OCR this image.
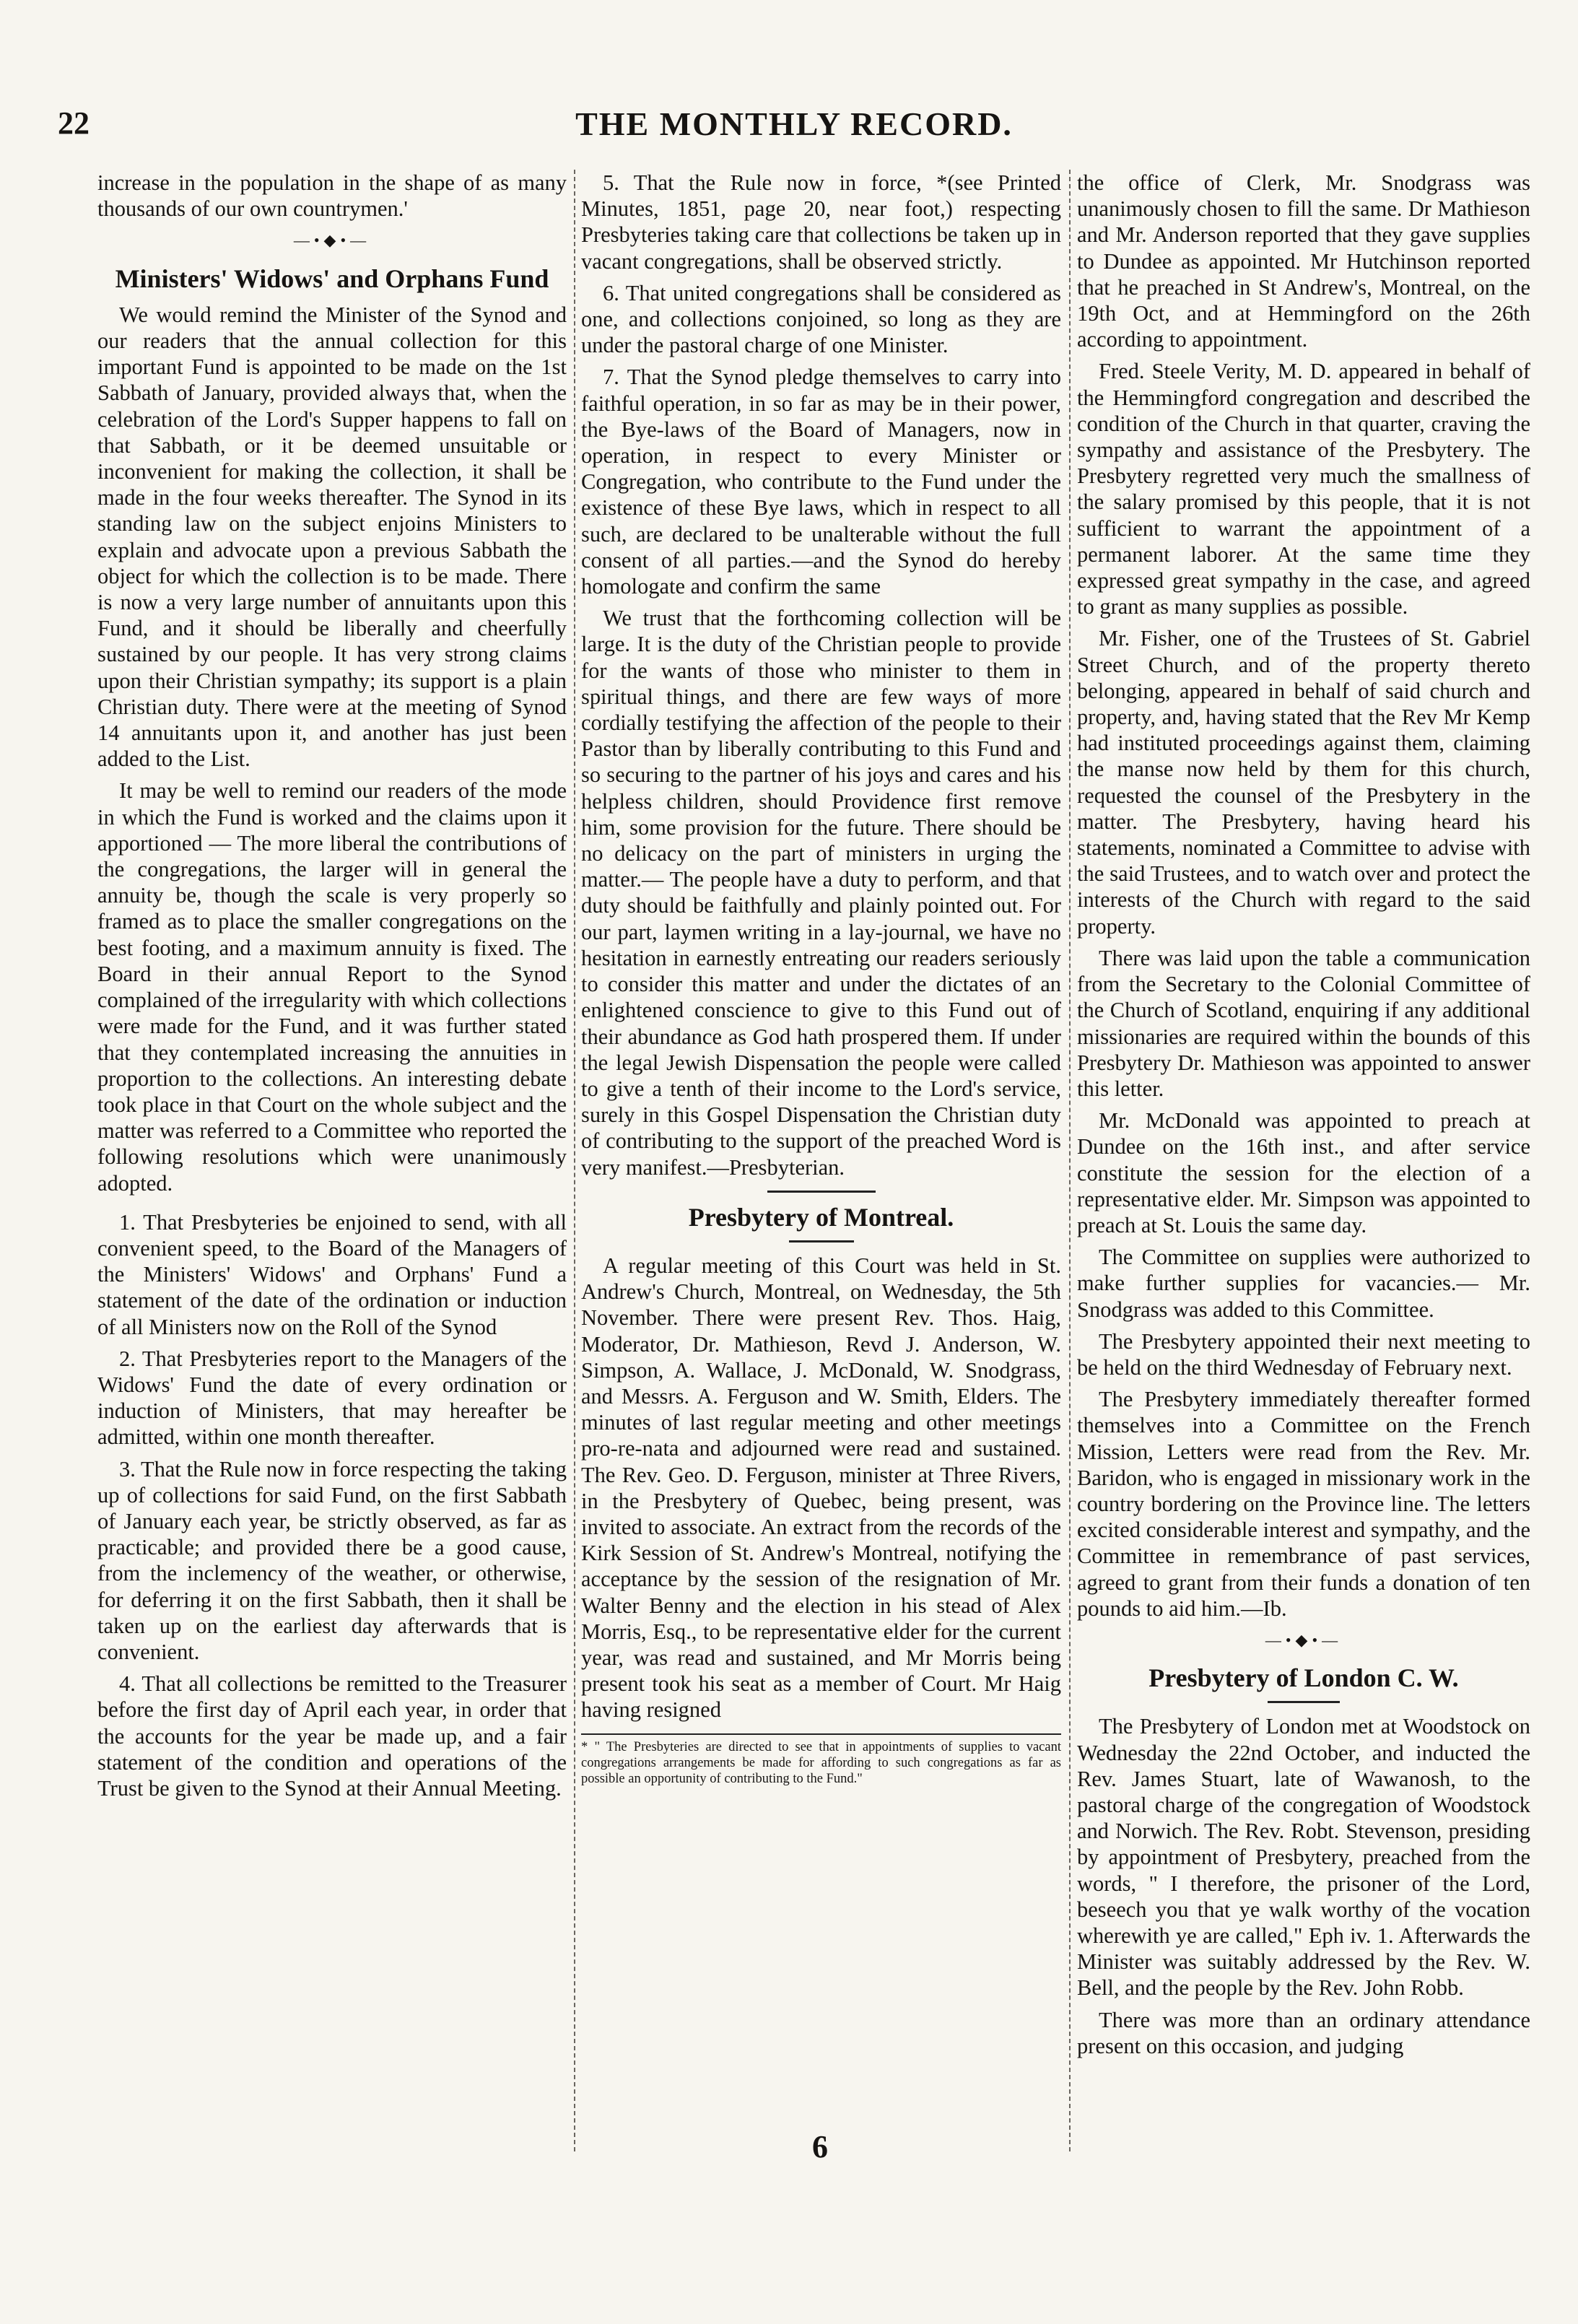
22	THE MONTHLY RECORD.

increase in the population in the shape of as many thousands of our own countrymen.'

—•◆•—
Ministers' Widows' and Orphans Fund

We would remind the Minister of the Synod and our readers that the annual collection for this important Fund is appointed to be made on the 1st Sabbath of January, provided always that, when the celebration of the Lord's Supper happens to fall on that Sabbath, or it be deemed unsuitable or inconvenient for making the collection, it shall be made in the four weeks thereafter. The Synod in its standing law on the subject enjoins Ministers to explain and advocate upon a previous Sabbath the object for which the collection is to be made. There is now a very large number of annuitants upon this Fund, and it should be liberally and cheerfully sustained by our people. It has very strong claims upon their Christian sympathy; its support is a plain Christian duty. There were at the meeting of Synod 14 annuitants upon it, and another has just been added to the List.

It may be well to remind our readers of the mode in which the Fund is worked and the claims upon it apportioned — The more liberal the contributions of the congregations, the larger will in general the annuity be, though the scale is very properly so framed as to place the smaller congregations on the best footing, and a maximum annuity is fixed. The Board in their annual Report to the Synod complained of the irregularity with which collections were made for the Fund, and it was further stated that they contemplated increasing the annuities in proportion to the collections. An interesting debate took place in that Court on the whole subject and the matter was referred to a Committee who reported the following resolutions which were unanimously adopted.

1. That Presbyteries be enjoined to send, with all convenient speed, to the Board of the Managers of the Ministers' Widows' and Orphans' Fund a statement of the date of the ordination or induction of all Ministers now on the Roll of the Synod

2. That Presbyteries report to the Managers of the Widows' Fund the date of every ordination or induction of Ministers, that may hereafter be admitted, within one month thereafter.

3. That the Rule now in force respecting the taking up of collections for said Fund, on the first Sabbath of January each year, be strictly observed, as far as practicable; and provided there be a good cause, from the inclemency of the weather, or otherwise, for deferring it on the first Sabbath, then it shall be taken up on the earliest day afterwards that is convenient.

4. That all collections be remitted to the Treasurer before the first day of April each year, in order that the accounts for the year be made up, and a fair statement of the condition and operations of the Trust be given to the Synod at their Annual Meeting.

5. That the Rule now in force, *(see Printed Minutes, 1851, page 20, near foot,) respecting Presbyteries taking care that collections be taken up in vacant congregations, shall be observed strictly.

6. That united congregations shall be considered as one, and collections conjoined, so long as they are under the pastoral charge of one Minister.

7. That the Synod pledge themselves to carry into faithful operation, in so far as may be in their power, the Bye-laws of the Board of Managers, now in operation, in respect to every Minister or Congregation, who contribute to the Fund under the existence of these Bye laws, which in respect to all such, are declared to be unalterable without the full consent of all parties.—and the Synod do hereby homologate and confirm the same

We trust that the forthcoming collection will be large. It is the duty of the Christian people to provide for the wants of those who minister to them in spiritual things, and there are few ways of more cordially testifying the affection of the people to their Pastor than by liberally contributing to this Fund and so securing to the partner of his joys and cares and his helpless children, should Providence first remove him, some provision for the future. There should be no delicacy on the part of ministers in urging the matter.— The people have a duty to perform, and that duty should be faithfully and plainly pointed out. For our part, laymen writing in a lay-journal, we have no hesitation in earnestly entreating our readers seriously to consider this matter and under the dictates of an enlightened conscience to give to this Fund out of their abundance as God hath prospered them. If under the legal Jewish Dispensation the people were called to give a tenth of their income to the Lord's service, surely in this Gospel Dispensation the Christian duty of contributing to the support of the preached Word is very manifest.—Presbyterian.

Presbytery of Montreal.

A regular meeting of this Court was held in St. Andrew's Church, Montreal, on Wednesday, the 5th November. There were present Rev. Thos. Haig, Moderator, Dr. Mathieson, Revd J. Anderson, W. Simpson, A. Wallace, J. McDonald, W. Snodgrass, and Messrs. A. Ferguson and W. Smith, Elders. The minutes of last regular meeting and other meetings pro-re-nata and adjourned were read and sustained. The Rev. Geo. D. Ferguson, minister at Three Rivers, in the Presbytery of Quebec, being present, was invited to associate. An extract from the records of the Kirk Session of St. Andrew's Montreal, notifying the acceptance by the session of the resignation of Mr. Walter Benny and the election in his stead of Alex Morris, Esq., to be representative elder for the current year, was read and sustained, and Mr Morris being present took his seat as a member of Court. Mr Haig having resigned

* " The Presbyteries are directed to see that in appointments of supplies to vacant congregations arrangements be made for affording to such congregations as far as possible an opportunity of contributing to the Fund."

the office of Clerk, Mr. Snodgrass was unanimously chosen to fill the same. Dr Mathieson and Mr. Anderson reported that they gave supplies to Dundee as appointed. Mr Hutchinson reported that he preached in St Andrew's, Montreal, on the 19th Oct, and at Hemmingford on the 26th according to appointment.

Fred. Steele Verity, M. D. appeared in behalf of the Hemmingford congregation and described the condition of the Church in that quarter, craving the sympathy and assistance of the Presbytery. The Presbytery regretted very much the smallness of the salary promised by this people, that it is not sufficient to warrant the appointment of a permanent laborer. At the same time they expressed great sympathy in the case, and agreed to grant as many supplies as possible.

Mr. Fisher, one of the Trustees of St. Gabriel Street Church, and of the property thereto belonging, appeared in behalf of said church and property, and, having stated that the Rev Mr Kemp had instituted proceedings against them, claiming the manse now held by them for this church, requested the counsel of the Presbytery in the matter. The Presbytery, having heard his statements, nominated a Committee to advise with the said Trustees, and to watch over and protect the interests of the Church with regard to the said property.

There was laid upon the table a communication from the Secretary to the Colonial Committee of the Church of Scotland, enquiring if any additional missionaries are required within the bounds of this Presbytery Dr. Mathieson was appointed to answer this letter.

Mr. McDonald was appointed to preach at Dundee on the 16th inst., and after service constitute the session for the election of a representative elder. Mr. Simpson was appointed to preach at St. Louis the same day.

The Committee on supplies were authorized to make further supplies for vacancies.— Mr. Snodgrass was added to this Committee.

The Presbytery appointed their next meeting to be held on the third Wednesday of February next.

The Presbytery immediately thereafter formed themselves into a Committee on the French Mission, Letters were read from the Rev. Mr. Baridon, who is engaged in missionary work in the country bordering on the Province line. The letters excited considerable interest and sympathy, and the Committee in remembrance of past services, agreed to grant from their funds a donation of ten pounds to aid him.—Ib.

—•◆•—
Presbytery of London C. W.

The Presbytery of London met at Woodstock on Wednesday the 22nd October, and inducted the Rev. James Stuart, late of Wawanosh, to the pastoral charge of the congregation of Woodstock and Norwich. The Rev. Robt. Stevenson, presiding by appointment of Presbytery, preached from the words, " I therefore, the prisoner of the Lord, beseech you that ye walk worthy of the vocation wherewith ye are called," Eph iv. 1. Afterwards the Minister was suitably addressed by the Rev. W. Bell, and the people by the Rev. John Robb.

There was more than an ordinary attendance present on this occasion, and judging

6
